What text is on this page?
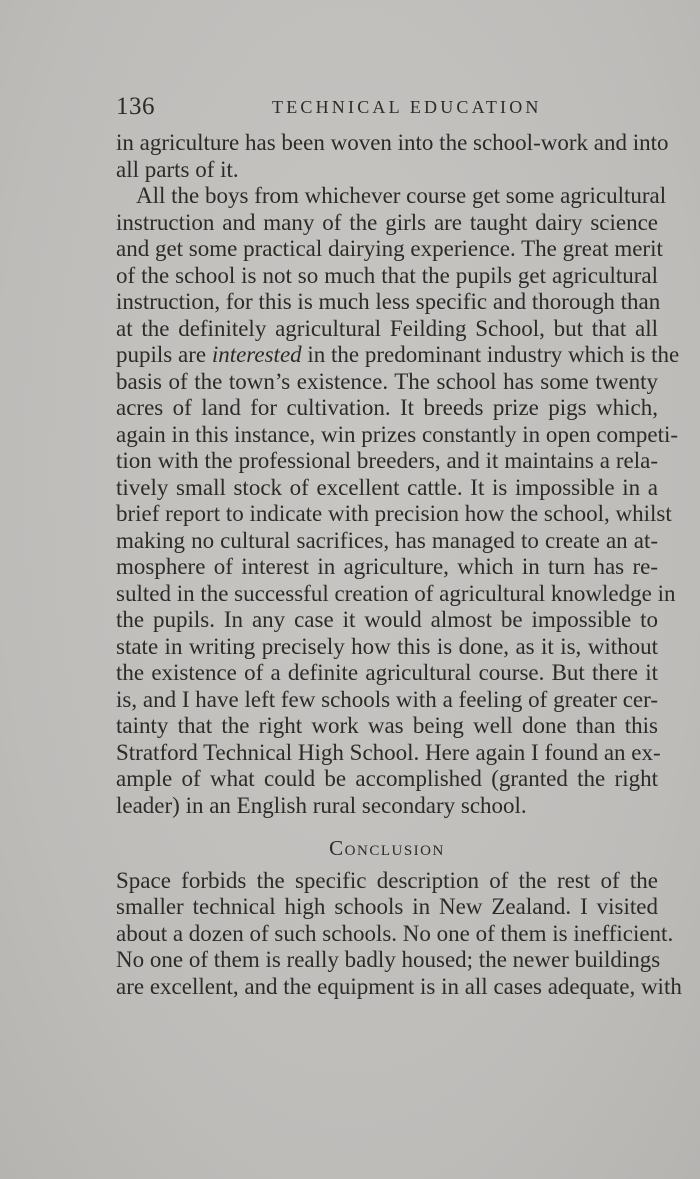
136	TECHNICAL EDUCATION
in agriculture has been woven into the school-work and into
all parts of it.
All the boys from whichever course get some agricultural
instruction and many of the girls are taught dairy science
and get some practical dairying experience. The great merit
of the school is not so much that the pupils get agricultural
instruction, for this is much less specific and thorough than
at the definitely agricultural Feilding School, but that all
pupils are interested in the predominant industry which is the
basis of the town’s existence. The school has some twenty
acres of land for cultivation. It breeds prize pigs which,
again in this instance, win prizes constantly in open competi-
tion with the professional breeders, and it maintains a rela-
tively small stock of excellent cattle. It is impossible in a
brief report to indicate with precision how the school, whilst
making no cultural sacrifices, has managed to create an at-
mosphere of interest in agriculture, which in turn has re-
sulted in the successful creation of agricultural knowledge in
the pupils. In any case it would almost be impossible to
state in writing precisely how this is done, as it is, without
the existence of a definite agricultural course. But there it
is, and I have left few schools with a feeling of greater cer-
tainty that the right work was being well done than this
Stratford Technical High School. Here again I found an ex-
ample of what could be accomplished (granted the right
leader) in an English rural secondary school.
Conclusion
Space forbids the specific description of the rest of the
smaller technical high schools in New Zealand. I visited
about a dozen of such schools. No one of them is inefficient.
No one of them is really badly housed; the newer buildings
are excellent, and the equipment is in all cases adequate, with
